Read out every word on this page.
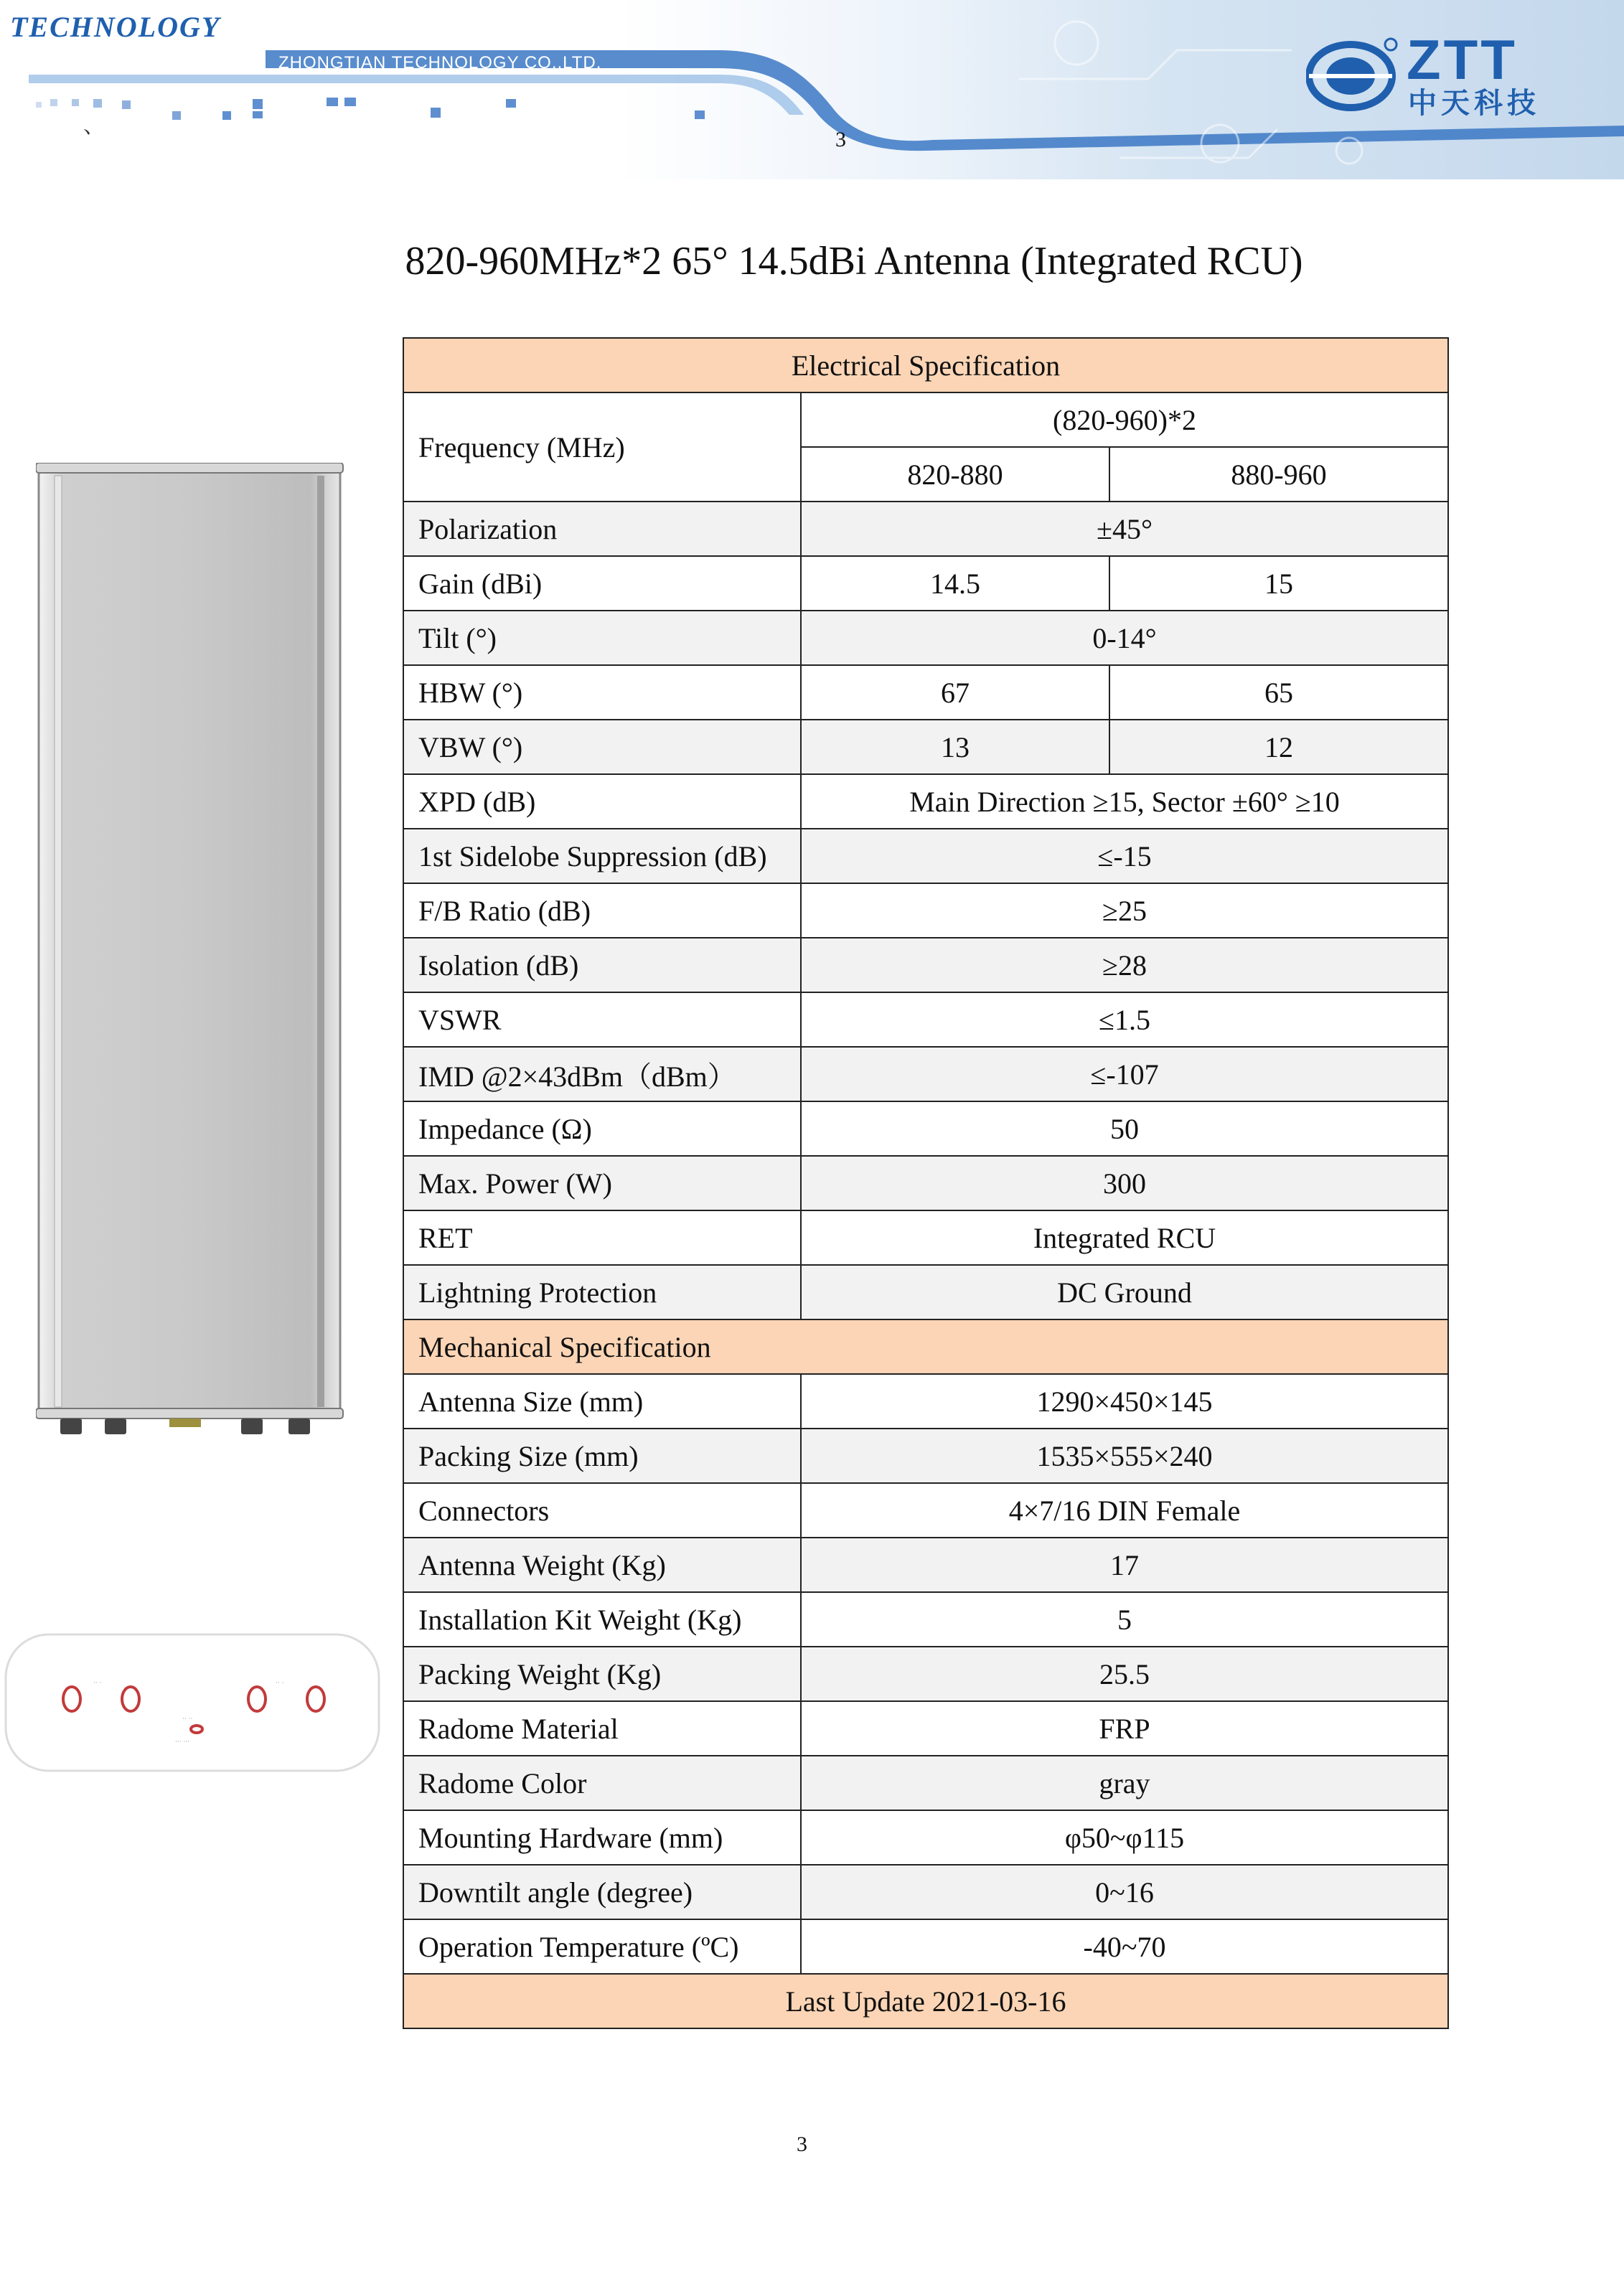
TECHNOLOGY
ZHONGTIAN TECHNOLOGY CO.,LTD.	ZTT
中天科技
、
3
820-960MHz*2 65° 14.5dBi Antenna (Integrated RCU)
·· ·	·· ·
·· ··
··· ···
Electrical Specification		
Frequency (MHz)	(820-960)*2	
	820-880	880-960
Polarization	±45°	
Gain (dBi)	14.5	15
Tilt (°)	0-14°	
HBW (°)	67	65
VBW (°)	13	12
XPD (dB)	Main Direction ≥15, Sector ±60° ≥10	
1st Sidelobe Suppression (dB)	≤-15	
F/B Ratio (dB)	≥25	
Isolation (dB)	≥28	
VSWR	≤1.5	
IMD @2×43dBm（dBm）	≤-107	
Impedance (Ω)	50	
Max. Power (W)	300	
RET	Integrated RCU	
Lightning Protection	DC Ground	
Mechanical Specification		
Antenna Size (mm)	1290×450×145	
Packing Size (mm)	1535×555×240	
Connectors	4×7/16 DIN Female	
Antenna Weight (Kg)	17	
Installation Kit Weight (Kg)	5	
Packing Weight (Kg)	25.5	
Radome Material	FRP	
Radome Color	gray	
Mounting Hardware (mm)	φ50~φ115	
Downtilt angle (degree)	0~16	
Operation Temperature (ºC)	-40~70	
Last Update 2021-03-16		
3
